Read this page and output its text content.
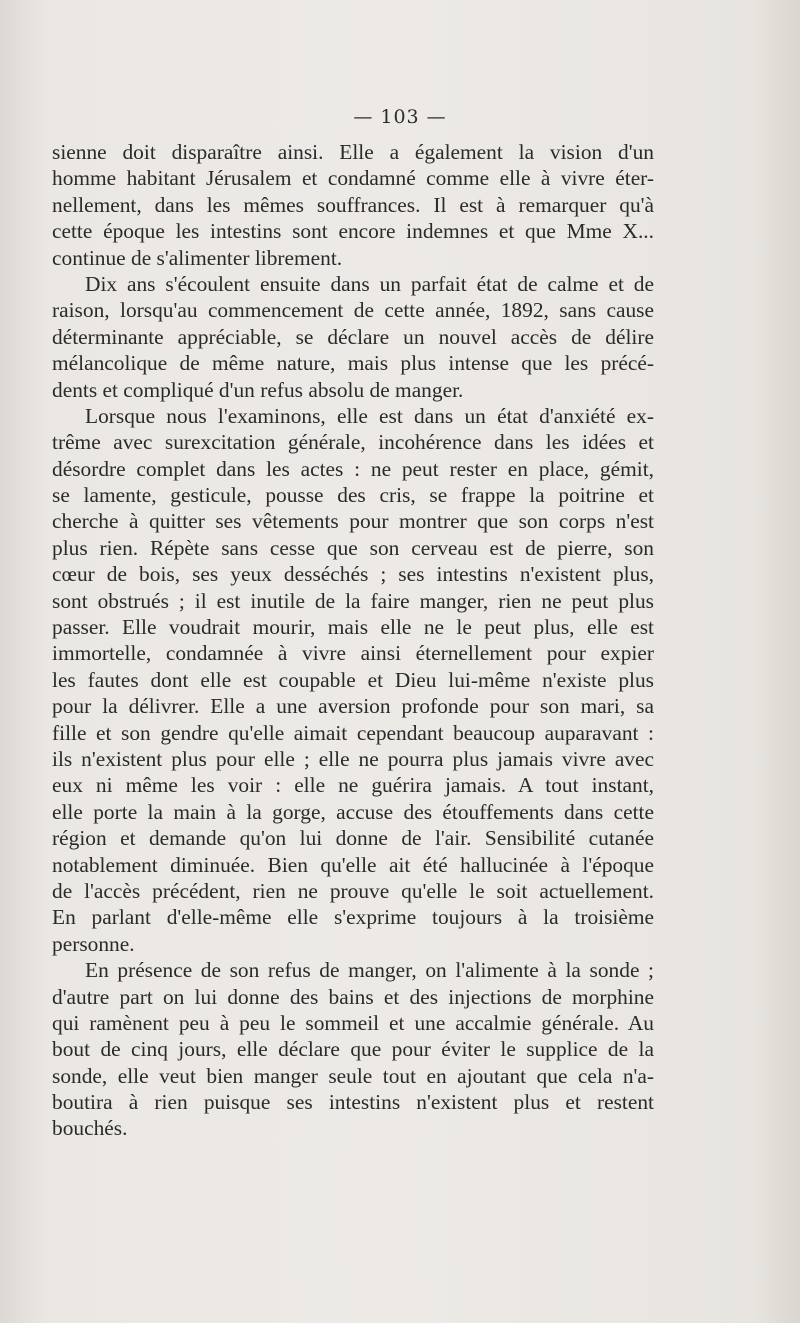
— 103 —
sienne doit disparaître ainsi. Elle a également la vision d'un
homme habitant Jérusalem et condamné comme elle à vivre éter-
nellement, dans les mêmes souffrances. Il est à remarquer qu'à
cette époque les intestins sont encore indemnes et que Mme X...
continue de s'alimenter librement.
Dix ans s'écoulent ensuite dans un parfait état de calme et de
raison, lorsqu'au commencement de cette année, 1892, sans cause
déterminante appréciable, se déclare un nouvel accès de délire
mélancolique de même nature, mais plus intense que les précé-
dents et compliqué d'un refus absolu de manger.
Lorsque nous l'examinons, elle est dans un état d'anxiété ex-
trême avec surexcitation générale, incohérence dans les idées et
désordre complet dans les actes : ne peut rester en place, gémit,
se lamente, gesticule, pousse des cris, se frappe la poitrine et
cherche à quitter ses vêtements pour montrer que son corps n'est
plus rien. Répète sans cesse que son cerveau est de pierre, son
cœur de bois, ses yeux desséchés ; ses intestins n'existent plus,
sont obstrués ; il est inutile de la faire manger, rien ne peut plus
passer. Elle voudrait mourir, mais elle ne le peut plus, elle est
immortelle, condamnée à vivre ainsi éternellement pour expier
les fautes dont elle est coupable et Dieu lui-même n'existe plus
pour la délivrer. Elle a une aversion profonde pour son mari, sa
fille et son gendre qu'elle aimait cependant beaucoup auparavant :
ils n'existent plus pour elle ; elle ne pourra plus jamais vivre avec
eux ni même les voir : elle ne guérira jamais. A tout instant,
elle porte la main à la gorge, accuse des étouffements dans cette
région et demande qu'on lui donne de l'air. Sensibilité cutanée
notablement diminuée. Bien qu'elle ait été hallucinée à l'époque
de l'accès précédent, rien ne prouve qu'elle le soit actuellement.
En parlant d'elle-même elle s'exprime toujours à la troisième
personne.
En présence de son refus de manger, on l'alimente à la sonde ;
d'autre part on lui donne des bains et des injections de morphine
qui ramènent peu à peu le sommeil et une accalmie générale. Au
bout de cinq jours, elle déclare que pour éviter le supplice de la
sonde, elle veut bien manger seule tout en ajoutant que cela n'a-
boutira à rien puisque ses intestins n'existent plus et restent
bouchés.
